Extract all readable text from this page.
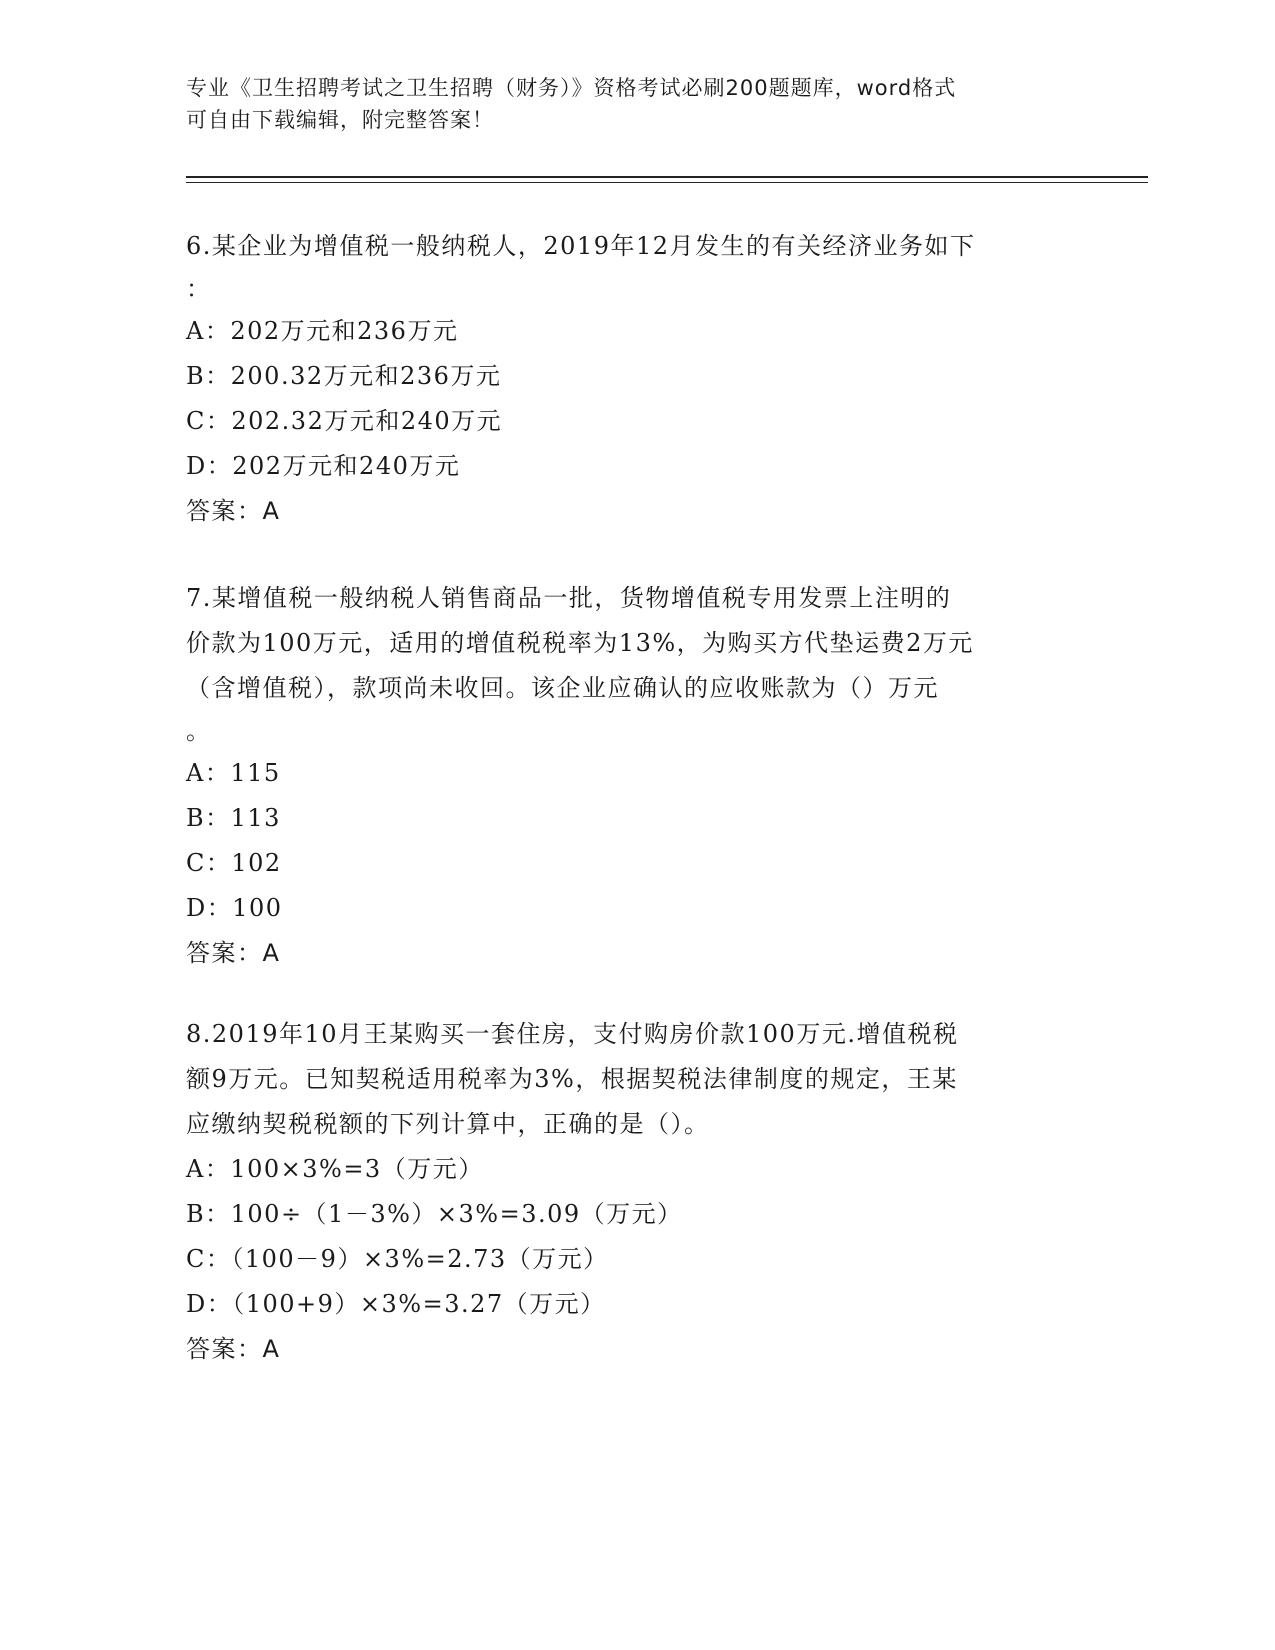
专业《卫生招聘考试之卫生招聘（财务）》资格考试必刷200题题库，word格式
可自由下载编辑，附完整答案！
6.某企业为增值税一般纳税人，2019年12月发生的有关经济业务如下
：
A：202万元和236万元
B：200.32万元和236万元
C：202.32万元和240万元
D：202万元和240万元
答案：A
7.某增值税一般纳税人销售商品一批，货物增值税专用发票上注明的
价款为100万元，适用的增值税税率为13%，为购买方代垫运费2万元
（含增值税），款项尚未收回。该企业应确认的应收账款为（）万元
。
A：115
B：113
C：102
D：100
答案：A
8.2019年10月王某购买一套住房，支付购房价款100万元.增值税税
额9万元。已知契税适用税率为3%，根据契税法律制度的规定，王某
应缴纳契税税额的下列计算中，正确的是（）。
A：100×3%=3（万元）
B：100÷（1－3%）×3%=3.09（万元）
C：（100－9）×3%=2.73（万元）
D：（100+9）×3%=3.27（万元）
答案：A
